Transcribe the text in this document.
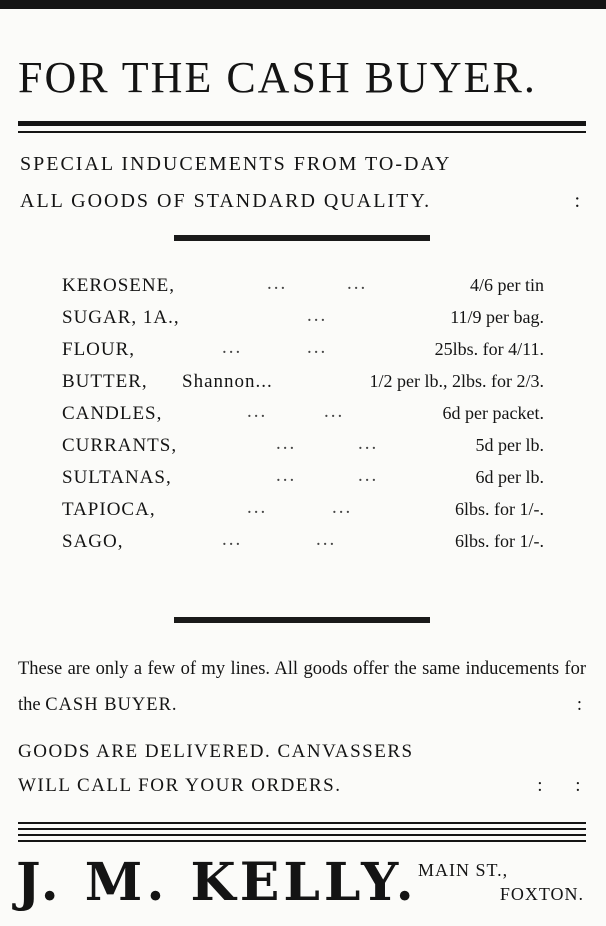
FOR THE CASH BUYER.
SPECIAL INDUCEMENTS FROM TO-DAY
ALL GOODS OF STANDARD QUALITY.	:
KEROSENE,	...	...	4/6 per tin
SUGAR, 1A.,	...	11/9 per bag.
FLOUR,	...	...	25lbs. for 4/11.
BUTTER, Shannon...	1/2 per lb., 2lbs. for 2/3.
CANDLES,	...	...	6d per packet.
CURRANTS,	...	...	5d per lb.
SULTANAS,	...	...	6d per lb.
TAPIOCA,	...	...	6lbs. for 1/-.
SAGO,	...	...	6lbs. for 1/-.
These are only a few of my lines. All goods offer the same inducements for the CASH BUYER.	:
GOODS ARE DELIVERED. CANVASSERS
WILL CALL FOR YOUR ORDERS.	:     :
J. M. KELLY. MAIN ST.,
FOXTON.
